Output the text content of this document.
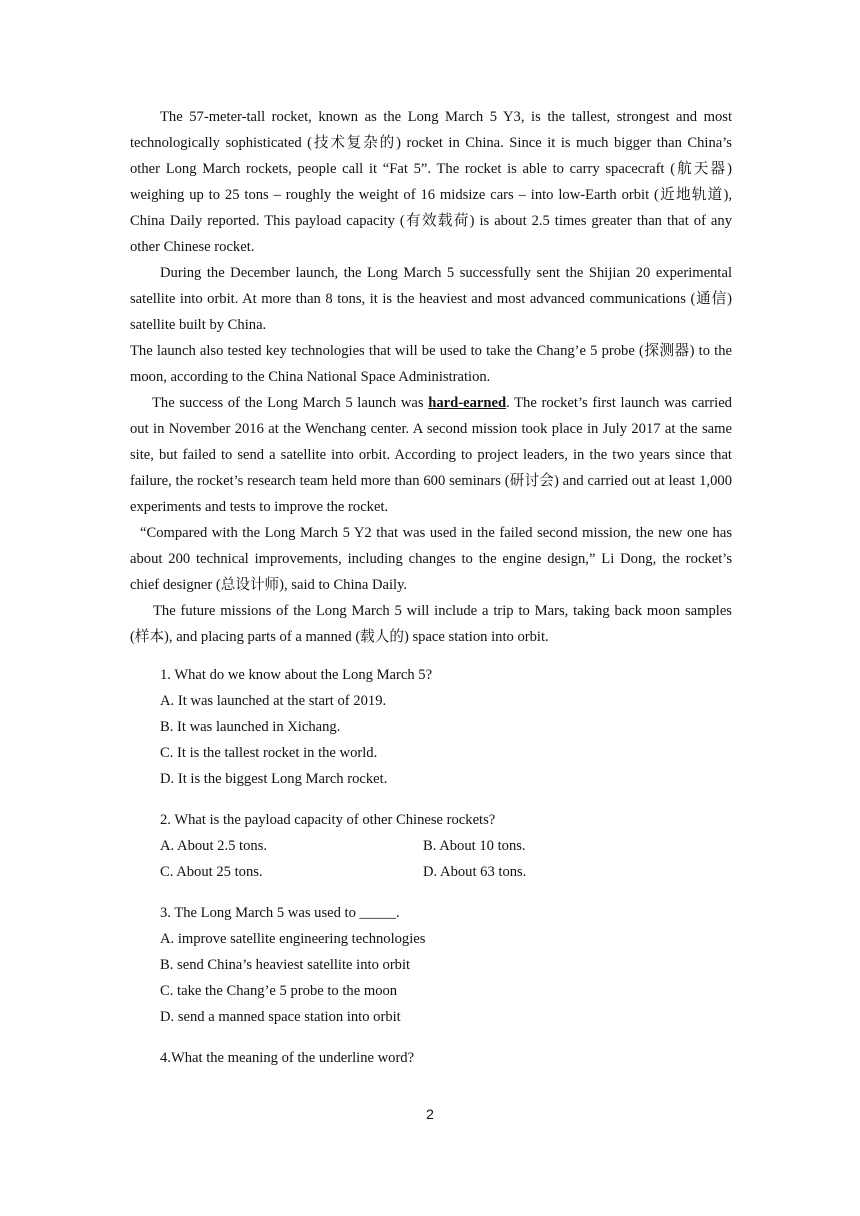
The 57-meter-tall rocket, known as the Long March 5 Y3, is the tallest, strongest and most technologically sophisticated (技术复杂的) rocket in China. Since it is much bigger than China’s other Long March rockets, people call it “Fat 5”. The rocket is able to carry spacecraft (航天器) weighing up to 25 tons – roughly the weight of 16 midsize cars – into low-Earth orbit (近地轨道), China Daily reported. This payload capacity (有效载荷) is about 2.5 times greater than that of any other Chinese rocket.

During the December launch, the Long March 5 successfully sent the Shijian 20 experimental satellite into orbit. At more than 8 tons, it is the heaviest and most advanced communications (通信) satellite built by China.

The launch also tested key technologies that will be used to take the Chang’e 5 probe (探测器) to the moon, according to the China National Space Administration.

The success of the Long March 5 launch was hard-earned. The rocket’s first launch was carried out in November 2016 at the Wenchang center. A second mission took place in July 2017 at the same site, but failed to send a satellite into orbit. According to project leaders, in the two years since that failure, the rocket’s research team held more than 600 seminars (研讨会) and carried out at least 1,000 experiments and tests to improve the rocket.

“Compared with the Long March 5 Y2 that was used in the failed second mission, the new one has about 200 technical improvements, including changes to the engine design,” Li Dong, the rocket’s chief designer (总设计师), said to China Daily.

The future missions of the Long March 5 will include a trip to Mars, taking back moon samples (样本), and placing parts of a manned (载人的) space station into orbit.

1. What do we know about the Long March 5?
A. It was launched at the start of 2019.
B. It was launched in Xichang.
C. It is the tallest rocket in the world.
D. It is the biggest Long March rocket.
2. What is the payload capacity of other Chinese rockets?
A. About 2.5 tons.	B. About 10 tons.
C. About 25 tons.	D. About 63 tons.
3. The Long March 5 was used to _____.
A. improve satellite engineering technologies
B. send China’s heaviest satellite into orbit
C. take the Chang’e 5 probe to the moon
D. send a manned space station into orbit
4.What the meaning of the underline word?
2
